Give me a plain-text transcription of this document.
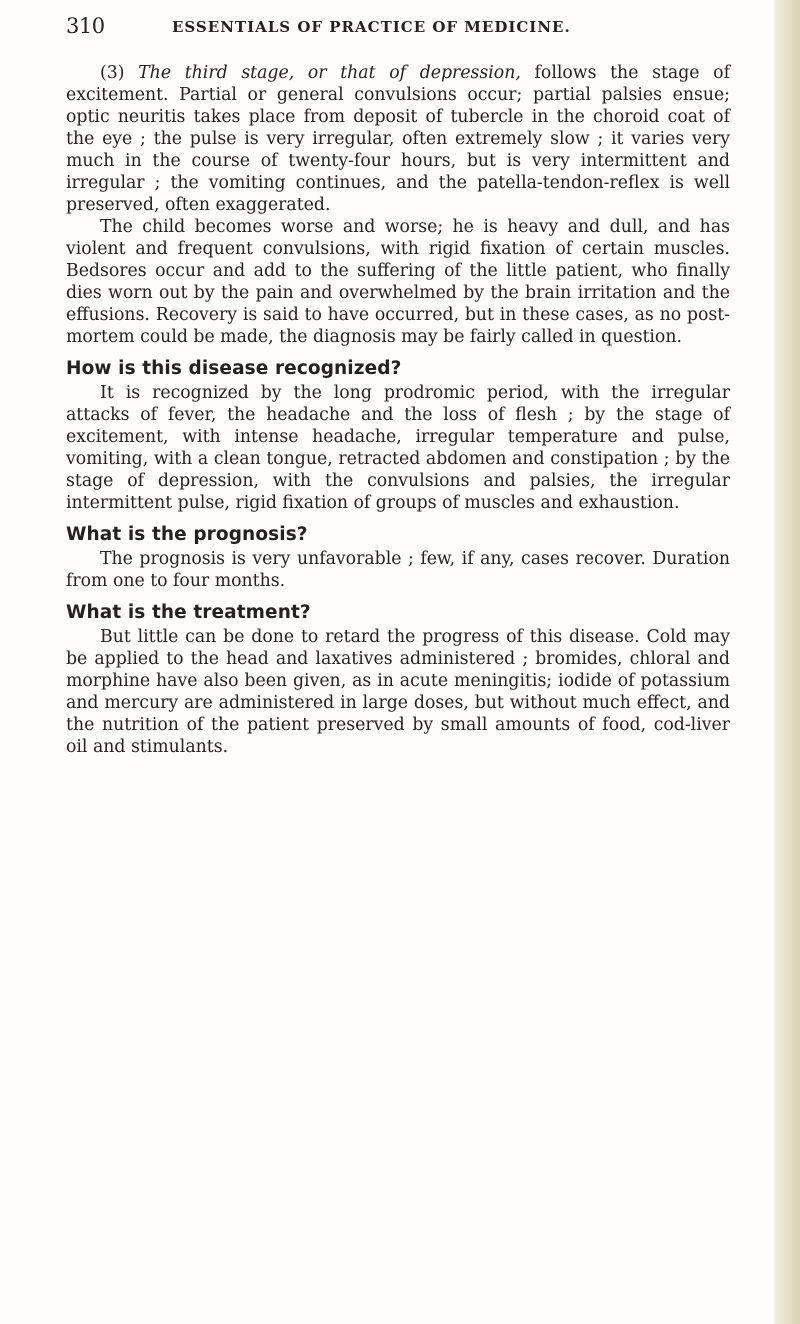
310	ESSENTIALS OF PRACTICE OF MEDICINE.

(3) The third stage, or that of depression, follows the stage of excitement. Partial or general convulsions occur; partial palsies ensue; optic neuritis takes place from deposit of tubercle in the choroid coat of the eye ; the pulse is very irregular, often extremely slow ; it varies very much in the course of twenty-four hours, but is very intermittent and irregular ; the vomiting continues, and the patella-tendon-reflex is well preserved, often exaggerated.

The child becomes worse and worse; he is heavy and dull, and has violent and frequent convulsions, with rigid fixation of certain muscles. Bedsores occur and add to the suffering of the little patient, who finally dies worn out by the pain and overwhelmed by the brain irritation and the effusions. Recovery is said to have occurred, but in these cases, as no post-mortem could be made, the diagnosis may be fairly called in question.

How is this disease recognized?

It is recognized by the long prodromic period, with the irregular attacks of fever, the headache and the loss of flesh ; by the stage of excitement, with intense headache, irregular temperature and pulse, vomiting, with a clean tongue, retracted abdomen and constipation ; by the stage of depression, with the convulsions and palsies, the irregular intermittent pulse, rigid fixation of groups of muscles and exhaustion.

What is the prognosis?

The prognosis is very unfavorable ; few, if any, cases recover. Duration from one to four months.

What is the treatment?

But little can be done to retard the progress of this disease. Cold may be applied to the head and laxatives administered ; bromides, chloral and morphine have also been given, as in acute meningitis; iodide of potassium and mercury are administered in large doses, but without much effect, and the nutrition of the patient preserved by small amounts of food, cod-liver oil and stimulants.
